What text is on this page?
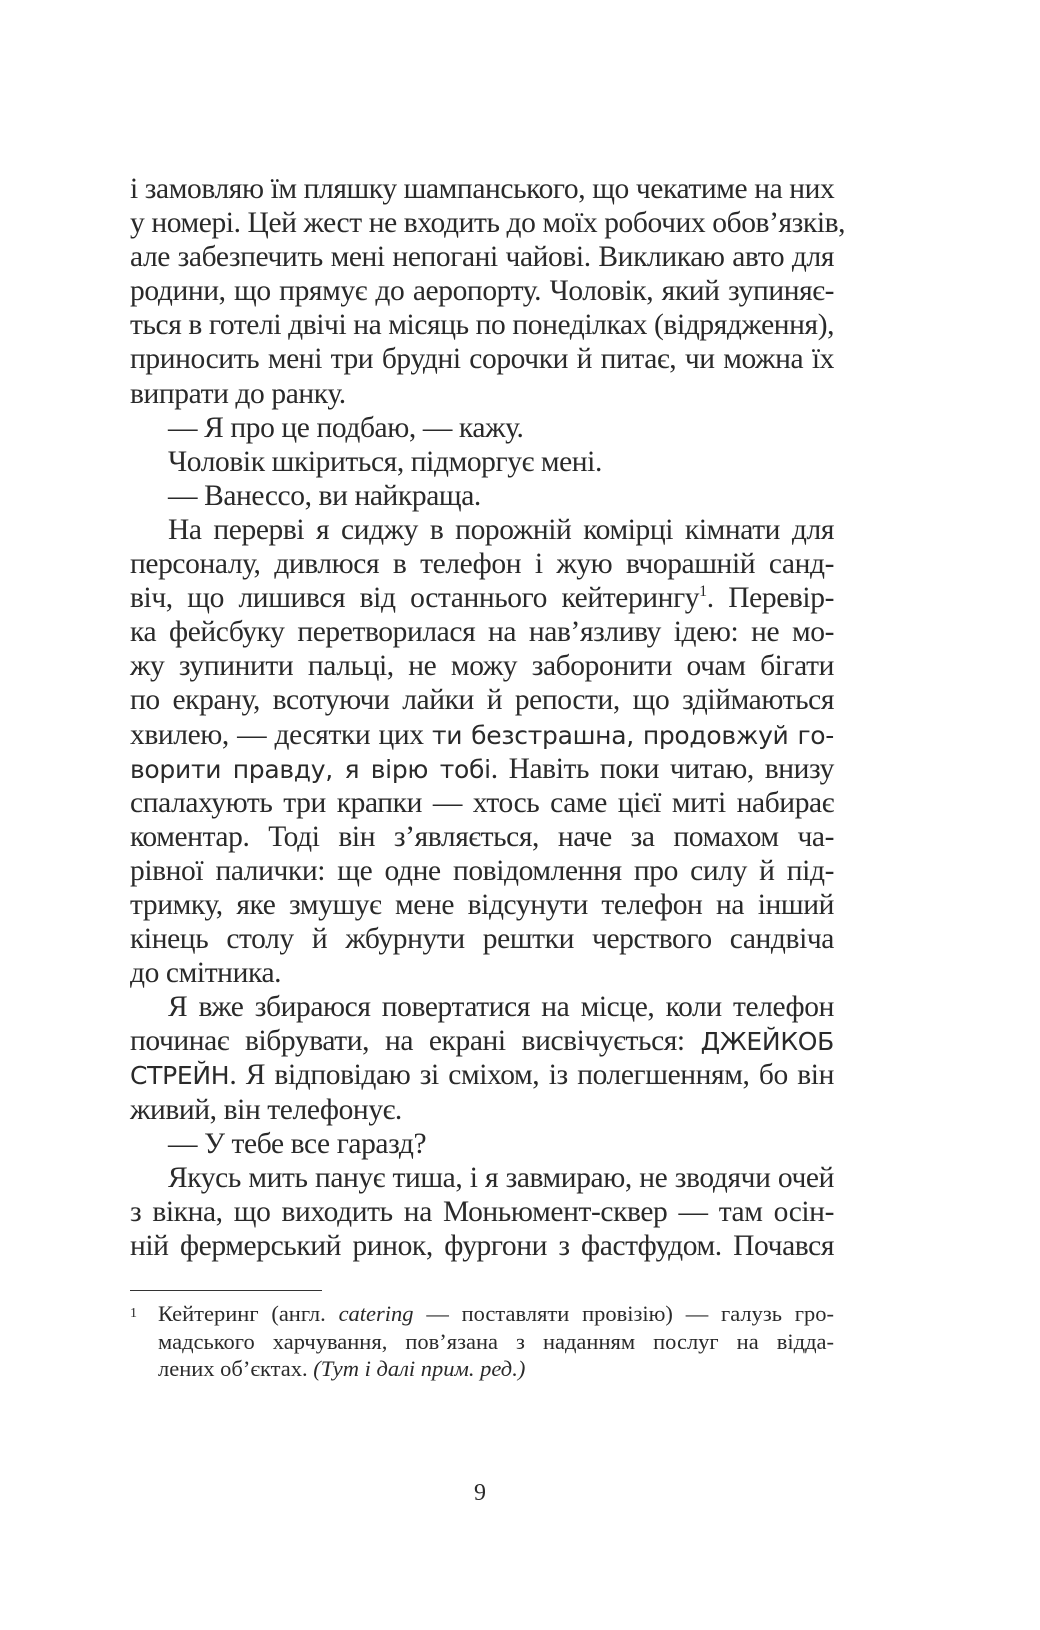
і замовляю їм пляшку шампанського, що чекатиме на них
у номері. Цей жест не входить до моїх робочих обов’язків,
але забезпечить мені непогані чайові. Викликаю авто для
родини, що прямує до аеропорту. Чоловік, який зупиняє-
ться в готелі двічі на місяць по понеділках (відрядження),
приносить мені три брудні сорочки й питає, чи можна їх
випрати до ранку.
— Я про це подбаю, — кажу.
Чоловік шкіриться, підморгує мені.
— Ванессо, ви найкраща.
На перерві я сиджу в порожній комірці кімнати для
персоналу, дивлюся в телефон і жую вчорашній санд-
віч, що лишився від останнього кейтерингу$^1$. Перевір-
ка фейсбуку перетворилася на нав’язливу ідею: не мо-
жу зупинити пальці, не можу заборонити очам бігати
по екрану, всотуючи лайки й репости, що здіймаються
хвилею, — десятки цих ти безстрашна, продовжуй го-
ворити правду, я вірю тобі. Навіть поки читаю, внизу
спалахують три крапки — хтось саме цієї миті набирає
коментар. Тоді він з’являється, наче за помахом ча-
рівної палички: ще одне повідомлення про силу й під-
тримку, яке змушує мене відсунути телефон на інший
кінець столу й жбурнути рештки черствого сандвіча
до смітника.
Я вже збираюся повертатися на місце, коли телефон
починає вібрувати, на екрані висвічується: ДЖЕЙКОБ
СТРЕЙН. Я відповідаю зі сміхом, із полегшенням, бо він
живий, він телефонує.
— У тебе все гаразд?
Якусь мить панує тиша, і я завмираю, не зводячи очей
з вікна, що виходить на Моньюмент-сквер — там осін-
ній фермерський ринок, фургони з фастфудом. Почався
1 Кейтеринг (англ. catering — поставляти провізію) — галузь гро-
мадського харчування, пов’язана з наданням послуг на відда-
лених об’єктах. (Тут і далі прим. ред.)
9
